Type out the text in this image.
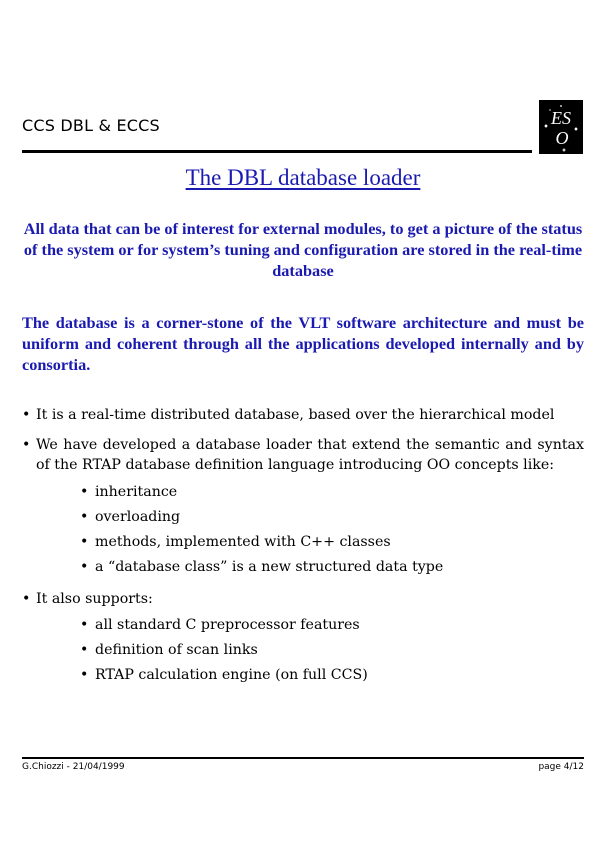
CCS DBL & ECCS	ES
O
The DBL database loader
All data that can be of interest for external modules, to get a picture of the status of the system or for system’s tuning and configuration are stored in the real-time database
The database is a corner-stone of the VLT software architecture and must be uniform and coherent through all the applications developed internally and by consortia.
• It is a real-time distributed database, based over the hierarchical model
• We have developed a database loader that extend the semantic and syntax of the RTAP database definition language introducing OO concepts like:
• inheritance
• overloading
• methods, implemented with C++ classes
• a “database class” is a new structured data type
• It also supports:
• all standard C preprocessor features
• definition of scan links
• RTAP calculation engine (on full CCS)
G.Chiozzi - 21/04/1999	page 4/12
